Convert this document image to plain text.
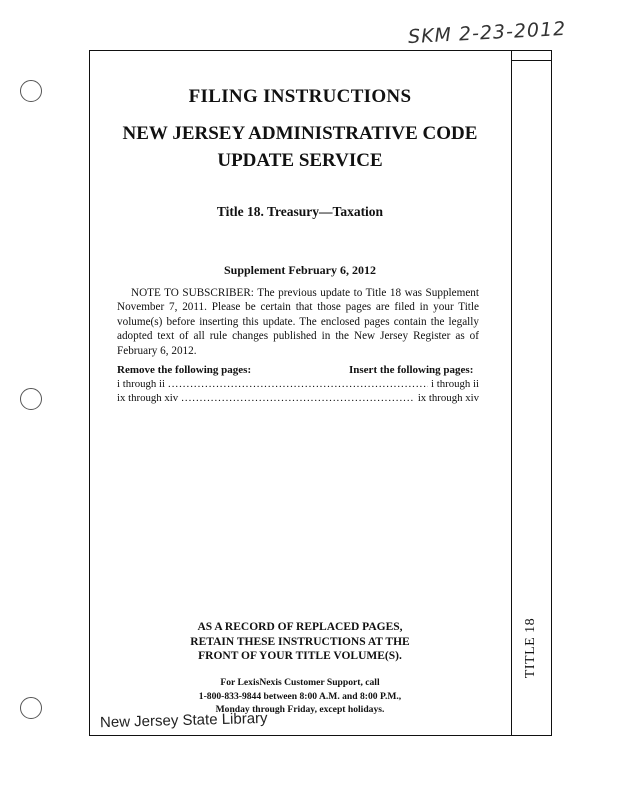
SKM 2-23-2012
FILING INSTRUCTIONS
NEW JERSEY ADMINISTRATIVE CODE
UPDATE SERVICE
Title 18. Treasury—Taxation
Supplement February 6, 2012
NOTE TO SUBSCRIBER: The previous update to Title 18 was Supplement November 7, 2011. Please be certain that those pages are filed in your Title volume(s) before inserting this update. The enclosed pages contain the legally adopted text of all rule changes published in the New Jersey Register as of February 6, 2012.
Remove the following pages:	Insert the following pages:
i through ii .....	i through ii
ix through xiv .....	ix through xiv
AS A RECORD OF REPLACED PAGES,
RETAIN THESE INSTRUCTIONS AT THE
FRONT OF YOUR TITLE VOLUME(S).
For LexisNexis Customer Support, call
1-800-833-9844 between 8:00 A.M. and 8:00 P.M.,
Monday through Friday, except holidays.
TITLE 18
New Jersey State Library
